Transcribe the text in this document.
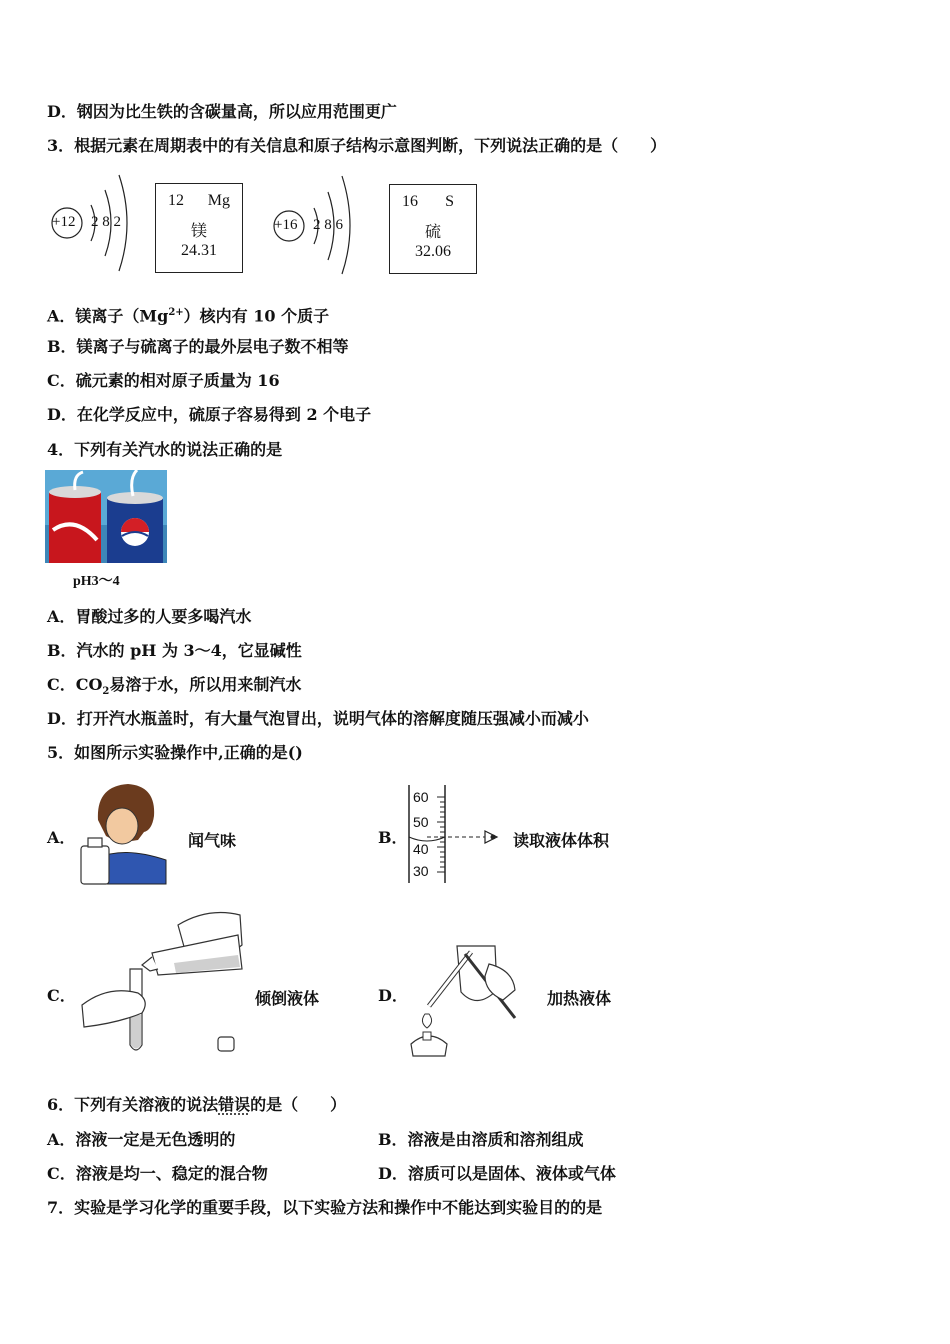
D．钢因为比生铁的含碳量高，所以应用范围更广
3．根据元素在周期表中的有关信息和原子结构示意图判断，下列说法正确的是（　　）
+12 2 8 2
12 Mg
镁
24.31
+16 2 8 6
16 S
硫
32.06
A．镁离子$(Mg^{2+})$核内有 10 个质子
B．镁离子与硫离子的最外层电子数不相等
C．硫元素的相对原子质量为 16
D．在化学反应中，硫原子容易得到 2 个电子
4．下列有关汽水的说法正确的是
pH3～4
A．胃酸过多的人要多喝汽水
B．汽水的 pH 为 3～4，它显碱性
C．$CO_2$易溶于水，所以用来制汽水
D．打开汽水瓶盖时，有大量气泡冒出，说明气体的溶解度随压强减小而减小
5．如图所示实验操作中,正确的是()
A．	闻气味	B．
60
50
40
30
读取液体体积
C．	倾倒液体	D．	加热液体
6．下列有关溶液的说法错误的是（　　）
A．溶液一定是无色透明的	B．溶液是由溶质和溶剂组成
C．溶液是均一、稳定的混合物	D．溶质可以是固体、液体或气体
7．实验是学习化学的重要手段，以下实验方法和操作中不能达到实验目的的是
